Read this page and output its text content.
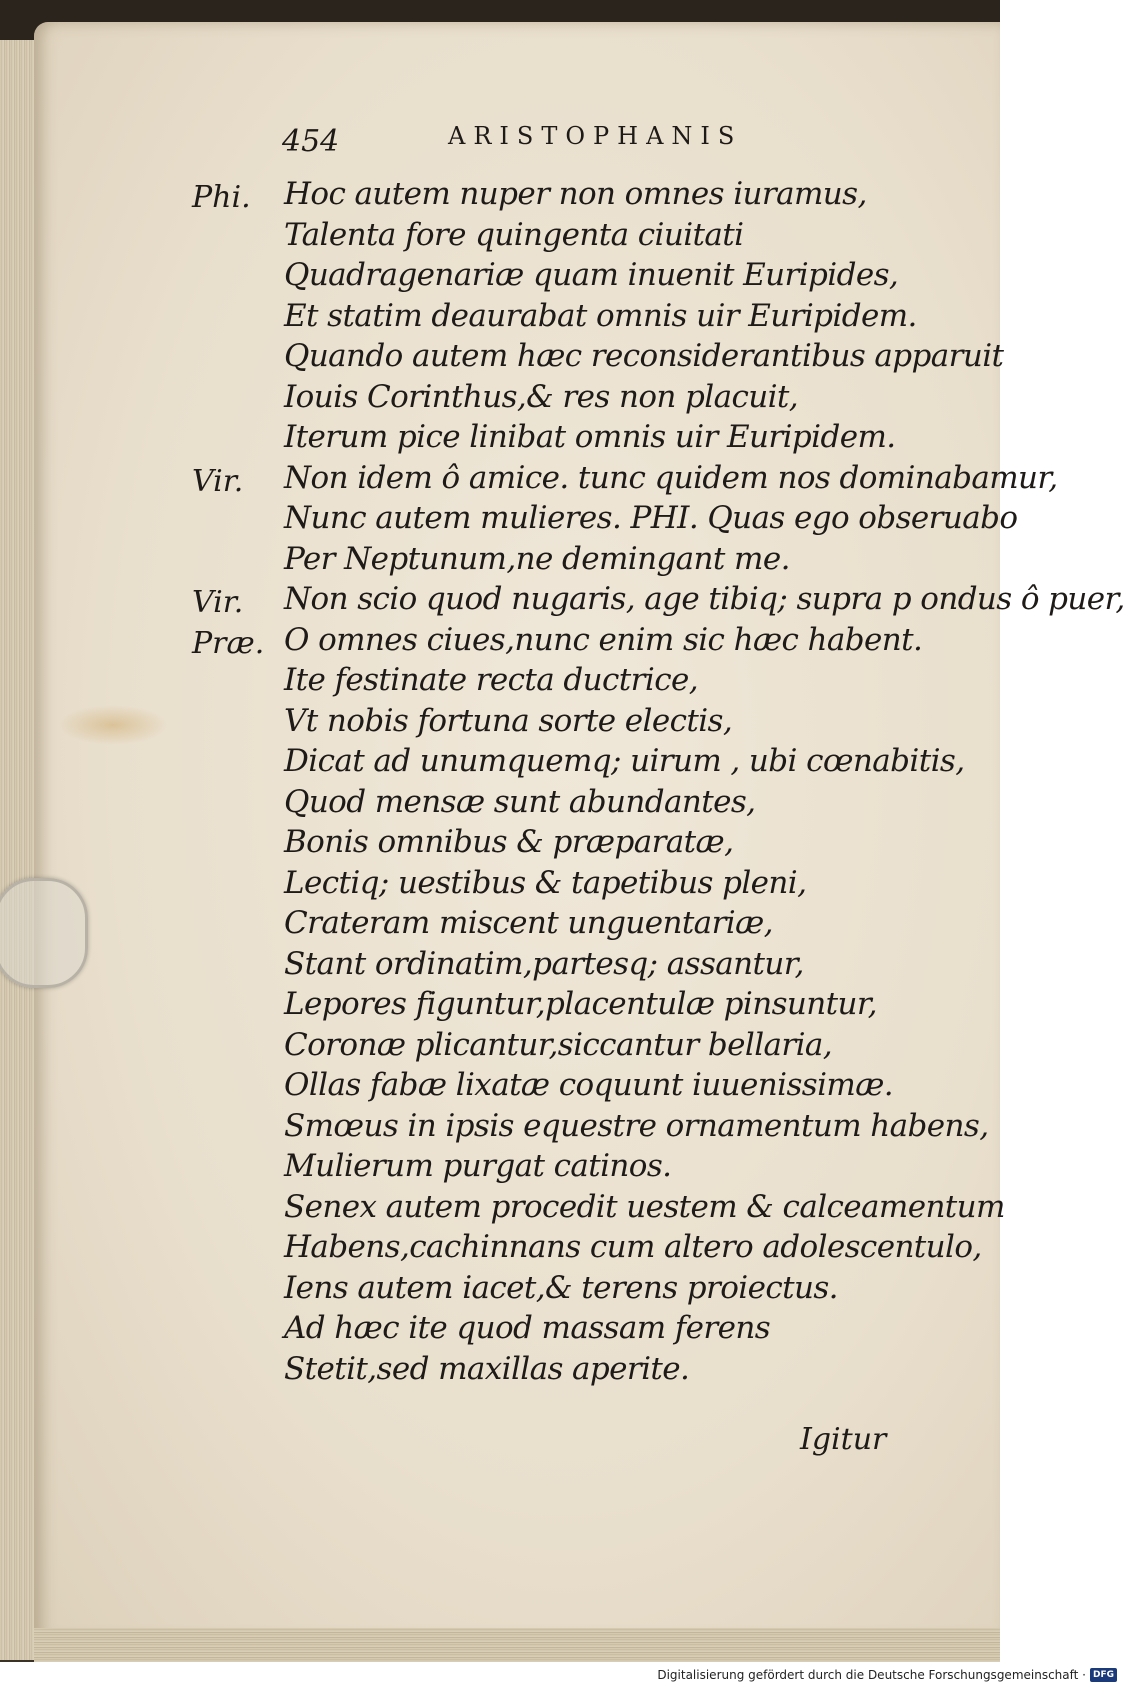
454	ARISTOPHANIS
Phi.
Vir.
Vir.
Præ.
Hoc autem nuper non omnes iuramus,
Talenta fore quingenta ciuitati
Quadragenariæ quam inuenit Euripides,
Et statim deaurabat omnis uir Euripidem.
Quando autem hæc reconsiderantibus apparuit
Iouis Corinthus,& res non placuit,
Iterum pice linibat omnis uir Euripidem.
Non idem ô amice. tunc quidem nos dominabamur,
Nunc autem mulieres. PHI. Quas ego obseruabo
Per Neptunum,ne demingant me.
Non scio quod nugaris, age tibiq; supra p ondus ô puer,
O omnes ciues,nunc enim sic hæc habent.
Ite festinate recta ductrice,
Vt nobis fortuna sorte electis,
Dicat ad unumquemq; uirum , ubi cœnabitis,
Quod mensæ sunt abundantes,
Bonis omnibus & præparatæ,
Lectiq; uestibus & tapetibus pleni,
Crateram miscent unguentariæ,
Stant ordinatim,partesq; assantur,
Lepores figuntur,placentulæ pinsuntur,
Coronæ plicantur,siccantur bellaria,
Ollas fabæ lixatæ coquunt iuuenissimæ.
Smœus in ipsis equestre ornamentum habens,
Mulierum purgat catinos.
Senex autem procedit uestem & calceamentum
Habens,cachinnans cum altero adolescentulo,
Iens autem iacet,& terens proiectus.
Ad hæc ite quod massam ferens
Stetit,sed maxillas aperite.
Igitur
Digitalisierung gefördert durch die Deutsche Forschungsgemeinschaft · DFG
